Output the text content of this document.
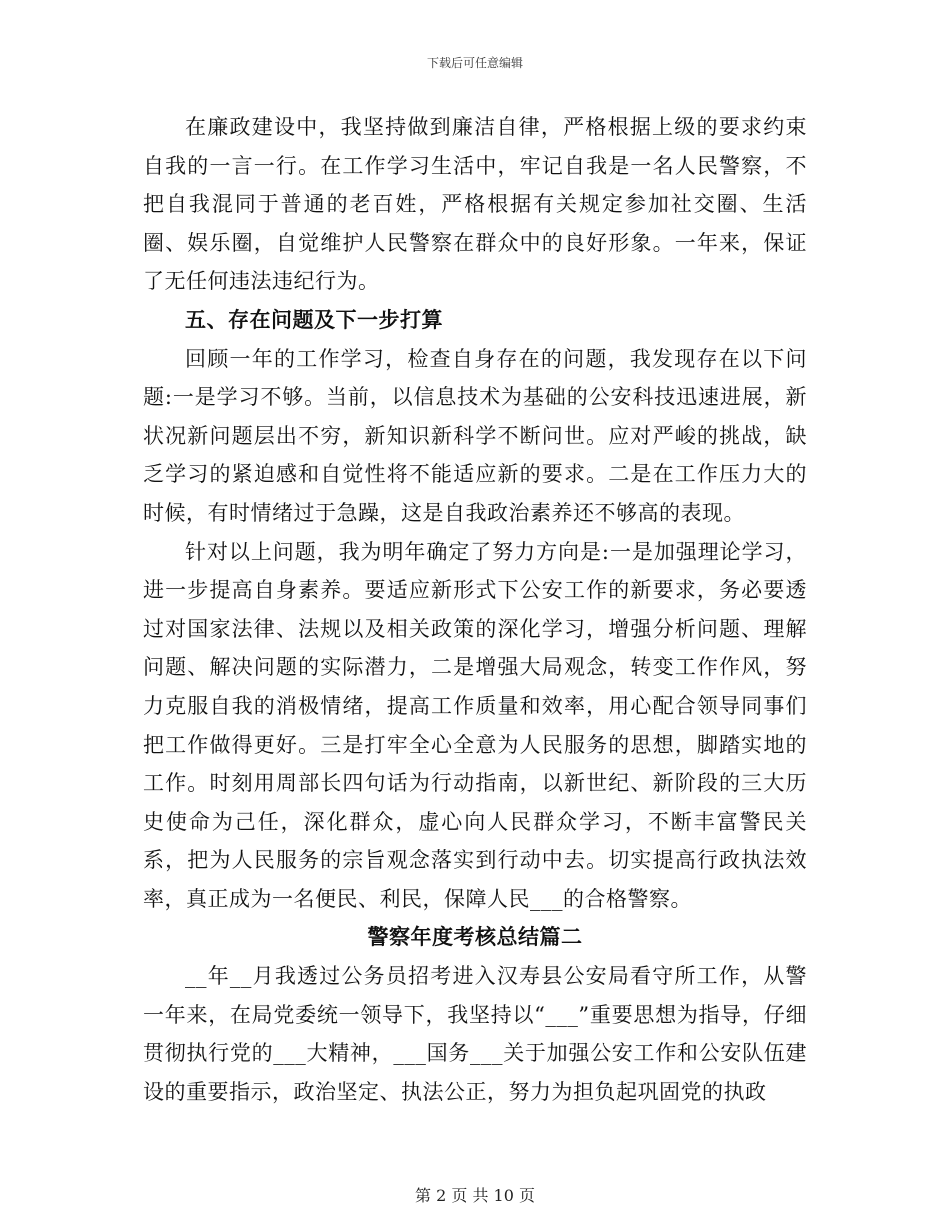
下载后可任意编辑

在廉政建设中，我坚持做到廉洁自律，严格根据上级的要求约束自我的一言一行。在工作学习生活中，牢记自我是一名人民警察，不把自我混同于普通的老百姓，严格根据有关规定参加社交圈、生活圈、娱乐圈，自觉维护人民警察在群众中的良好形象。一年来，保证了无任何违法违纪行为。

五、存在问题及下一步打算

回顾一年的工作学习，检查自身存在的问题，我发现存在以下问题:一是学习不够。当前，以信息技术为基础的公安科技迅速进展，新状况新问题层出不穷，新知识新科学不断问世。应对严峻的挑战，缺乏学习的紧迫感和自觉性将不能适应新的要求。二是在工作压力大的时候，有时情绪过于急躁，这是自我政治素养还不够高的表现。

针对以上问题，我为明年确定了努力方向是:一是加强理论学习，进一步提高自身素养。要适应新形式下公安工作的新要求，务必要透过对国家法律、法规以及相关政策的深化学习，增强分析问题、理解问题、解决问题的实际潜力，二是增强大局观念，转变工作作风，努力克服自我的消极情绪，提高工作质量和效率，用心配合领导同事们把工作做得更好。三是打牢全心全意为人民服务的思想，脚踏实地的工作。时刻用周部长四句话为行动指南，以新世纪、新阶段的三大历史使命为己任，深化群众，虚心向人民群众学习，不断丰富警民关系，把为人民服务的宗旨观念落实到行动中去。切实提高行政执法效率，真正成为一名便民、利民，保障人民___的合格警察。

警察年度考核总结篇二

__年__月我透过公务员招考进入汉寿县公安局看守所工作，从警一年来，在局党委统一领导下，我坚持以“___”重要思想为指导，仔细贯彻执行党的___大精神，___国务___关于加强公安工作和公安队伍建设的重要指示，政治坚定、执法公正，努力为担负起巩固党的执政

第 2 页 共 10 页
